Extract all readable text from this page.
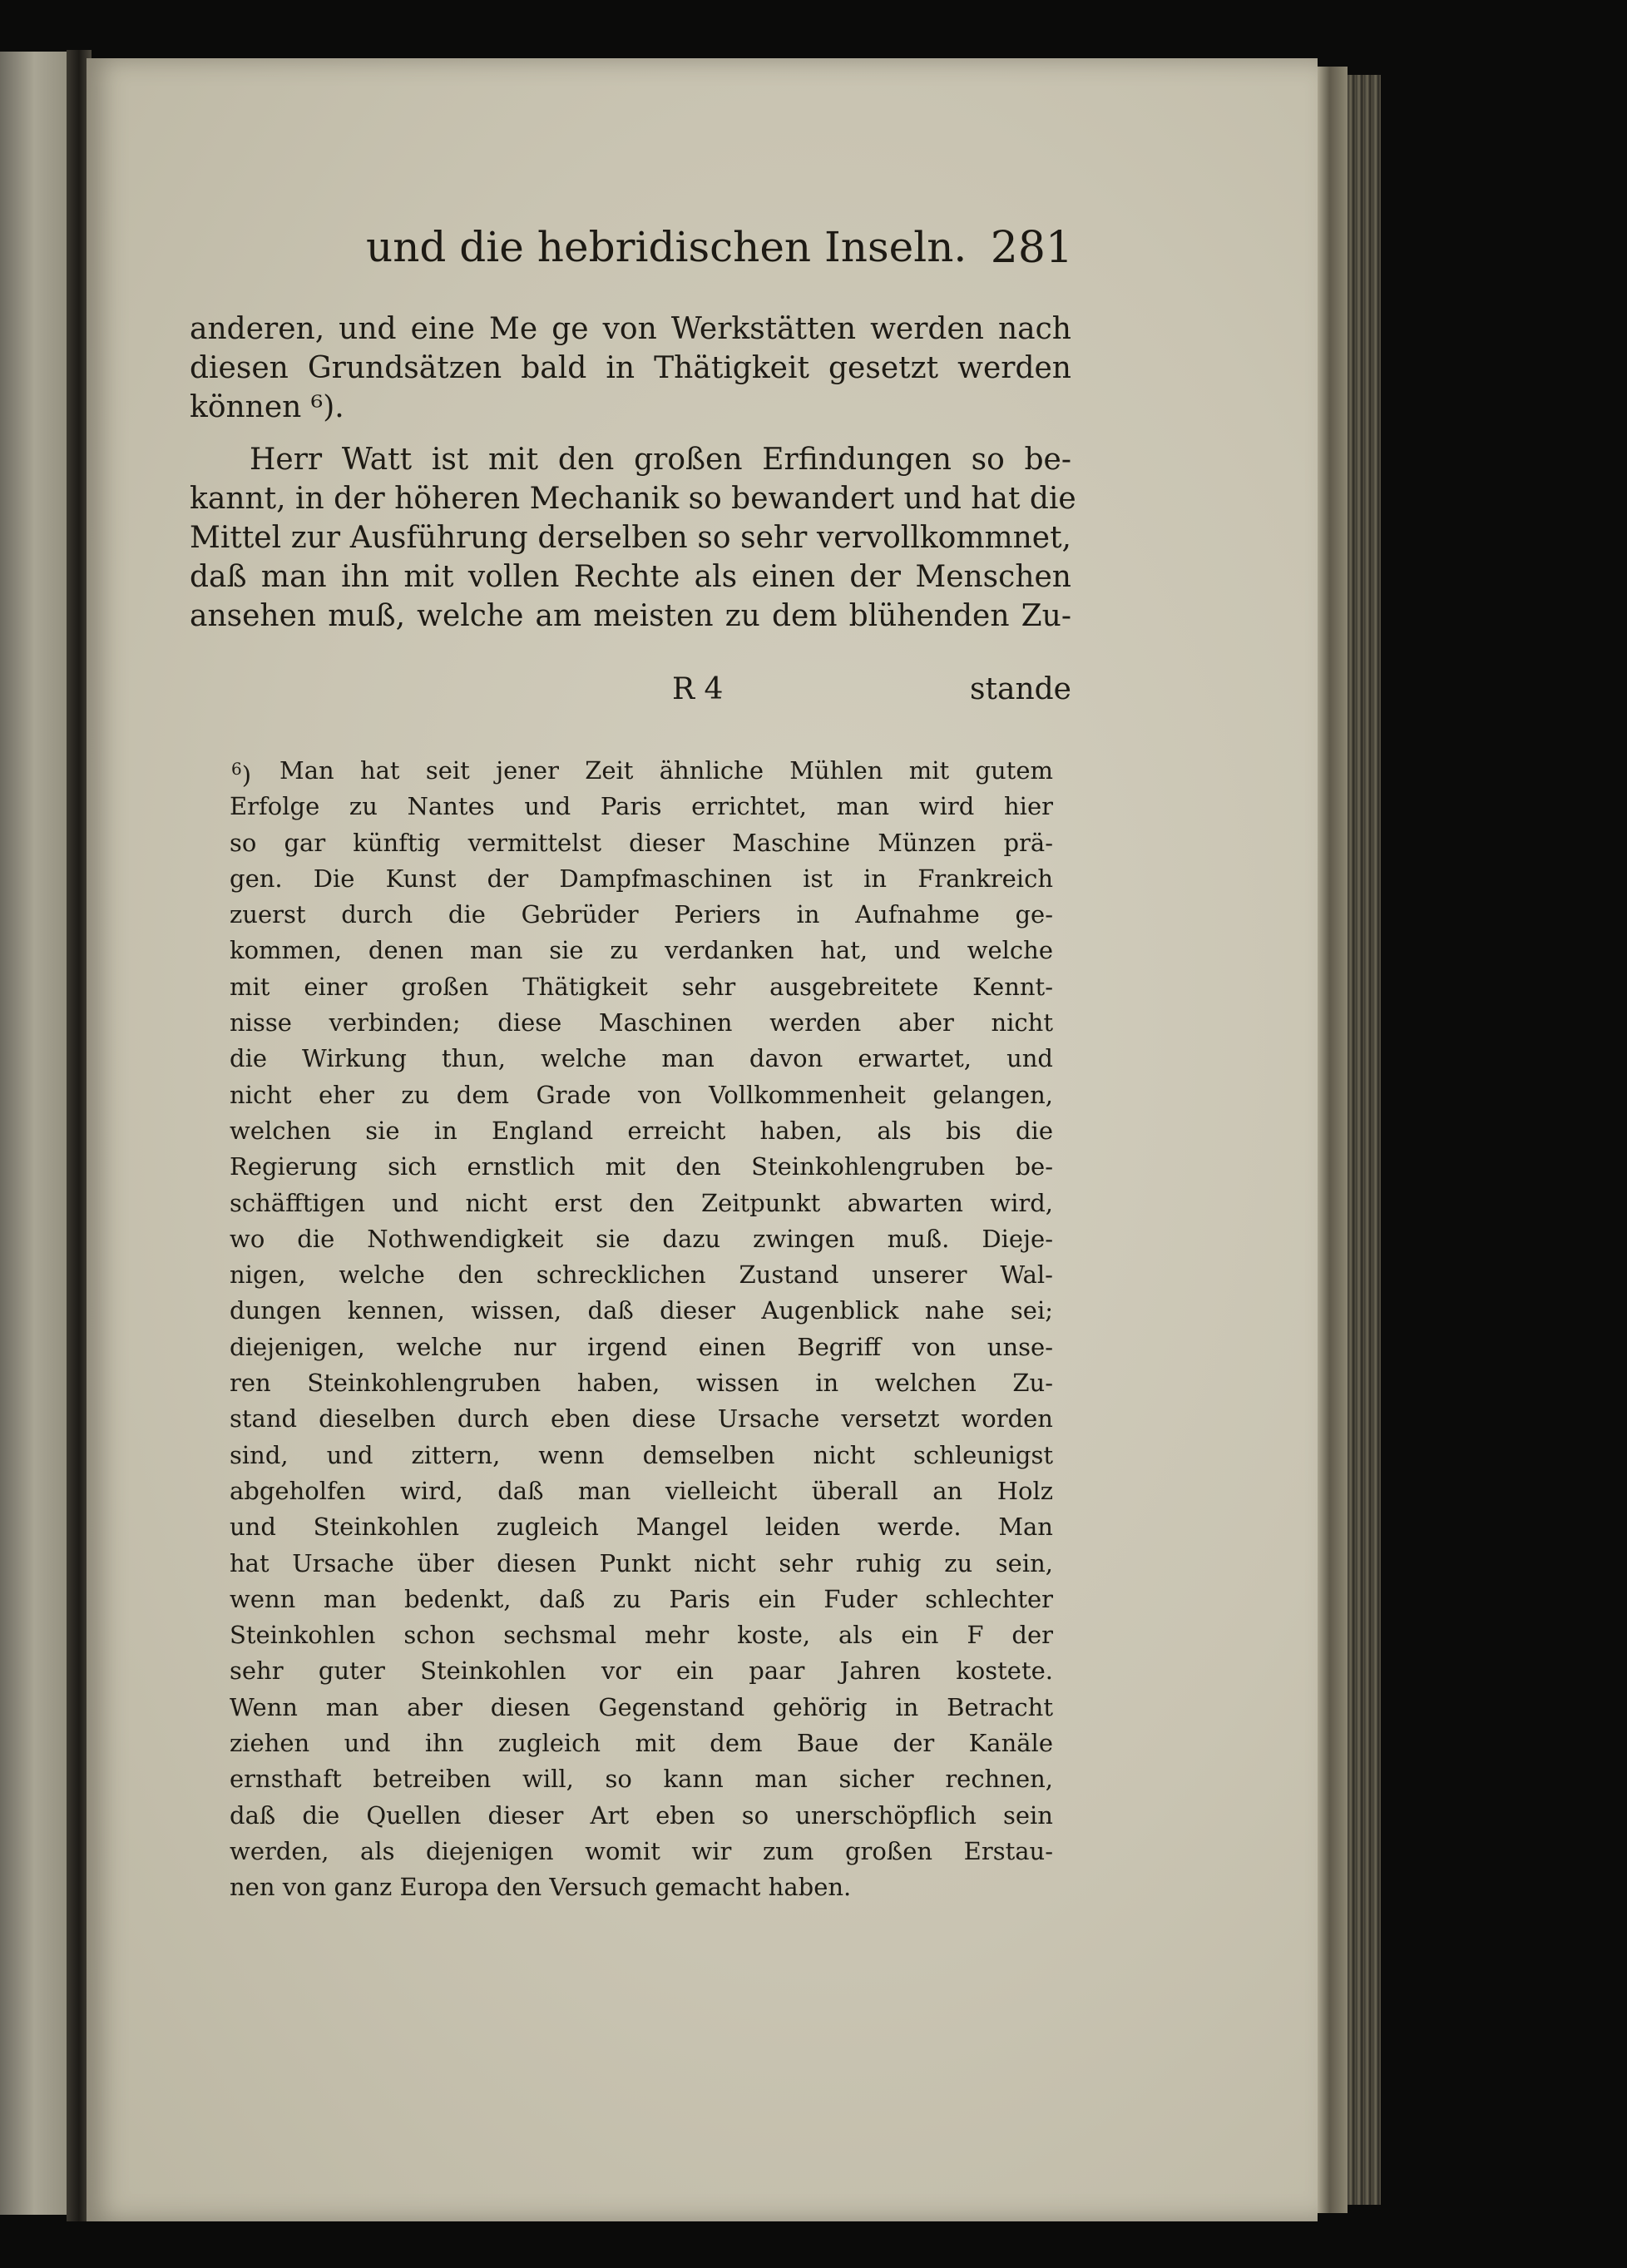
und die hebridischen Inseln. 281
anderen, und eine Me ge von Werkstätten werden nach
diesen Grundsätzen bald in Thätigkeit gesetzt werden
können ⁶).
Herr Watt ist mit den großen Erfindungen so be-
kannt, in der höheren Mechanik so bewandert und hat die
Mittel zur Ausführung derselben so sehr vervollkommnet,
daß man ihn mit vollen Rechte als einen der Menschen
ansehen muß, welche am meisten zu dem blühenden Zu-
R 4	stande
$^6$)	Man hat seit jener Zeit ähnliche Mühlen mit gutem
Erfolge zu Nantes und Paris errichtet, man wird hier
so gar künftig vermittelst dieser Maschine Münzen prä-
gen. Die Kunst der Dampfmaschinen ist in Frankreich
zuerst durch die Gebrüder Periers in Aufnahme ge-
kommen, denen man sie zu verdanken hat, und welche
mit einer großen Thätigkeit sehr ausgebreitete Kennt-
nisse verbinden; diese Maschinen werden aber nicht
die Wirkung thun, welche man davon erwartet, und
nicht eher zu dem Grade von Vollkommenheit gelangen,
welchen sie in England erreicht haben, als bis die
Regierung sich ernstlich mit den Steinkohlengruben be-
schäfftigen und nicht erst den Zeitpunkt abwarten wird,
wo die Nothwendigkeit sie dazu zwingen muß. Dieje-
nigen, welche den schrecklichen Zustand unserer Wal-
dungen kennen, wissen, daß dieser Augenblick nahe sei;
diejenigen, welche nur irgend einen Begriff von unse-
ren Steinkohlengruben haben, wissen in welchen Zu-
stand dieselben durch eben diese Ursache versetzt worden
sind, und zittern, wenn demselben nicht schleunigst
abgeholfen wird, daß man vielleicht überall an Holz
und Steinkohlen zugleich Mangel leiden werde. Man
hat Ursache über diesen Punkt nicht sehr ruhig zu sein,
wenn man bedenkt, daß zu Paris ein Fuder schlechter
Steinkohlen schon sechsmal mehr koste, als ein F der
sehr guter Steinkohlen vor ein paar Jahren kostete.
Wenn man aber diesen Gegenstand gehörig in Betracht
ziehen und ihn zugleich mit dem Baue der Kanäle
ernsthaft betreiben will, so kann man sicher rechnen,
daß die Quellen dieser Art eben so unerschöpflich sein
werden, als diejenigen womit wir zum großen Erstau-
nen von ganz Europa den Versuch gemacht haben.
